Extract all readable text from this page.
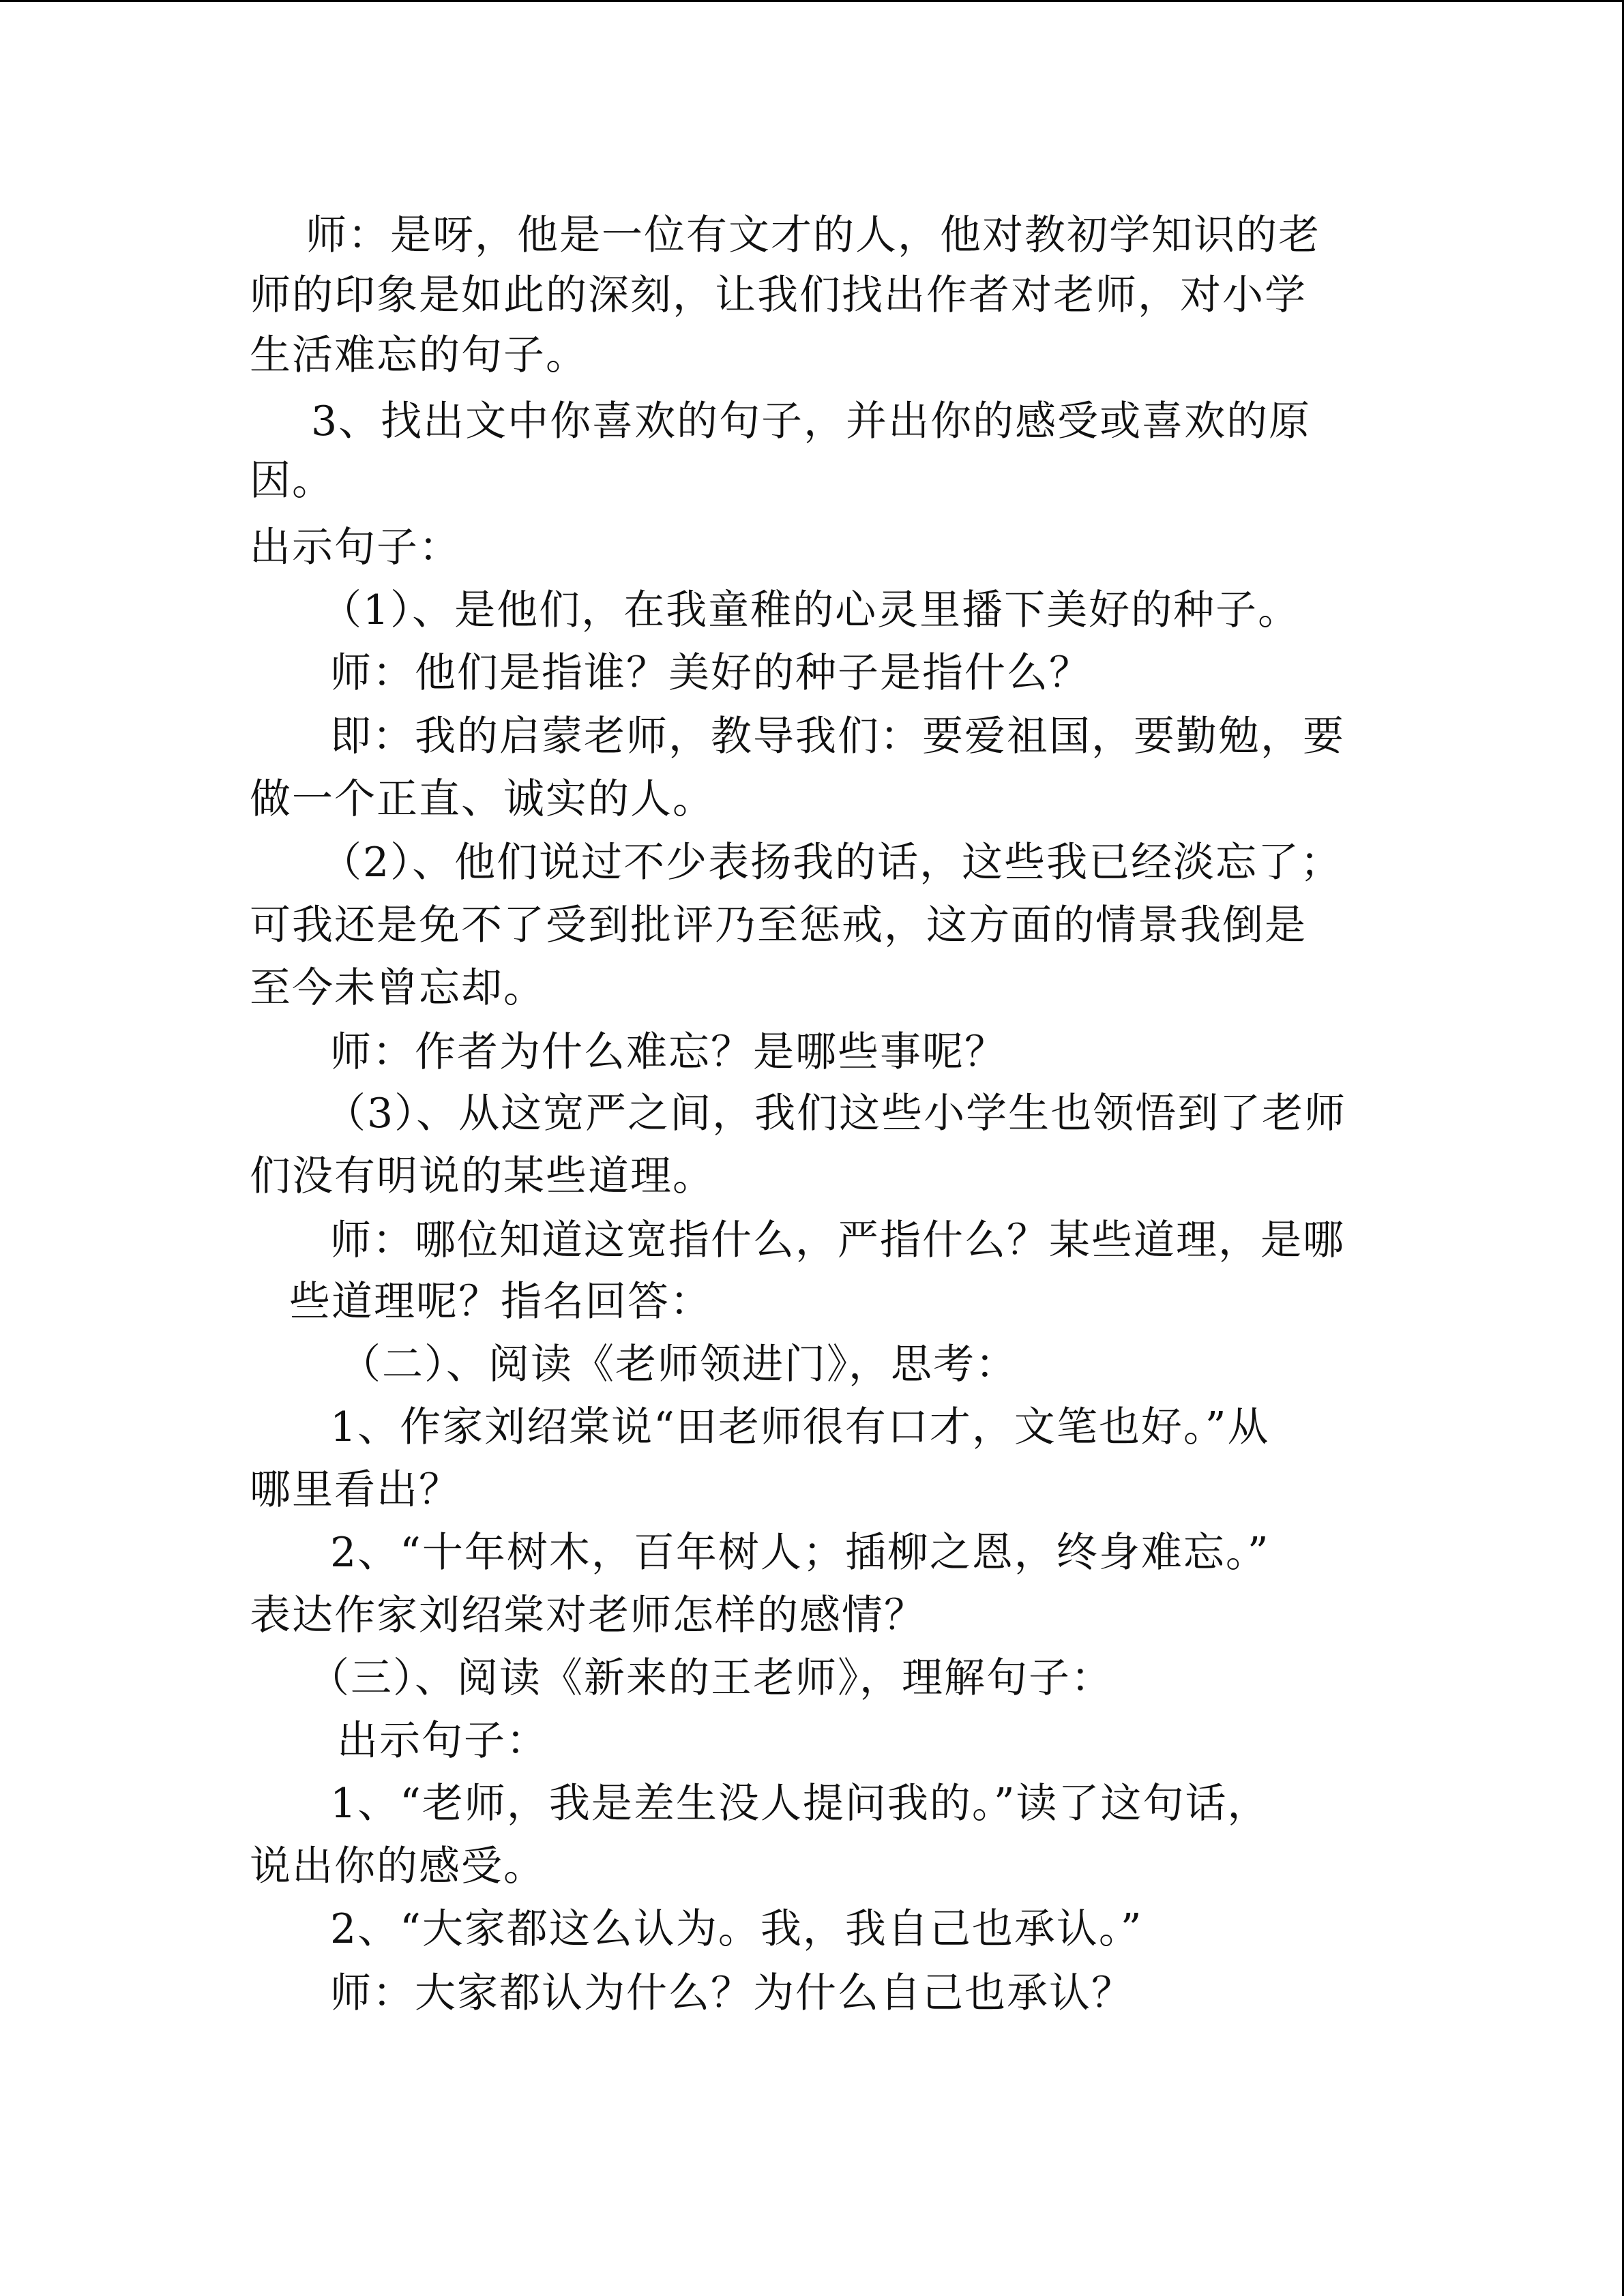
师：是呀，他是一位有文才的人，他对教初学知识的老
师的印象是如此的深刻，让我们找出作者对老师，对小学
生活难忘的句子。
3、找出文中你喜欢的句子，并出你的感受或喜欢的原
因。
出示句子：
（1）、是他们，在我童稚的心灵里播下美好的种子。
师：他们是指谁？美好的种子是指什么？
即：我的启蒙老师，教导我们：要爱祖国，要勤勉，要
做一个正直、诚实的人。
（2）、他们说过不少表扬我的话，这些我已经淡忘了；
可我还是免不了受到批评乃至惩戒，这方面的情景我倒是
至今未曾忘却。
师：作者为什么难忘？是哪些事呢？
（3）、从这宽严之间，我们这些小学生也领悟到了老师
们没有明说的某些道理。
师：哪位知道这宽指什么，严指什么？某些道理，是哪
些道理呢？指名回答：
（二）、阅读《老师领进门》，思考：
1、作家刘绍棠说“田老师很有口才，文笔也好。”从
哪里看出？
2、“十年树木，百年树人；插柳之恩，终身难忘。”
表达作家刘绍棠对老师怎样的感情？
（三）、阅读《新来的王老师》，理解句子：
出示句子：
1、“老师，我是差生没人提问我的。”读了这句话，
说出你的感受。
2、“大家都这么认为。我，我自己也承认。”
师：大家都认为什么？为什么自己也承认？
